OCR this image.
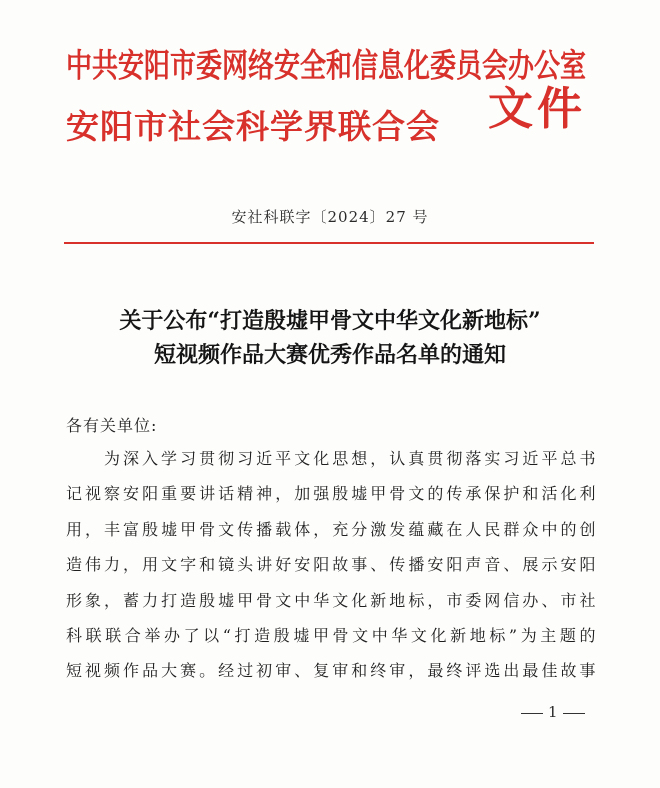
中共安阳市委网络安全和信息化委员会办公室
安阳市社会科学界联合会 文件
安社科联字〔2024〕27 号
关于公布“打造殷墟甲骨文中华文化新地标”
短视频作品大赛优秀作品名单的通知
各有关单位:
为深入学习贯彻习近平文化思想，认真贯彻落实习近平总书
记视察安阳重要讲话精神，加强殷墟甲骨文的传承保护和活化利
用，丰富殷墟甲骨文传播载体，充分激发蕴藏在人民群众中的创
造伟力，用文字和镜头讲好安阳故事、传播安阳声音、展示安阳
形象，蓄力打造殷墟甲骨文中华文化新地标，市委网信办、市社
科联联合举办了以“打造殷墟甲骨文中华文化新地标”为主题的
短视频作品大赛。经过初审、复审和终审，最终评选出最佳故事
1
